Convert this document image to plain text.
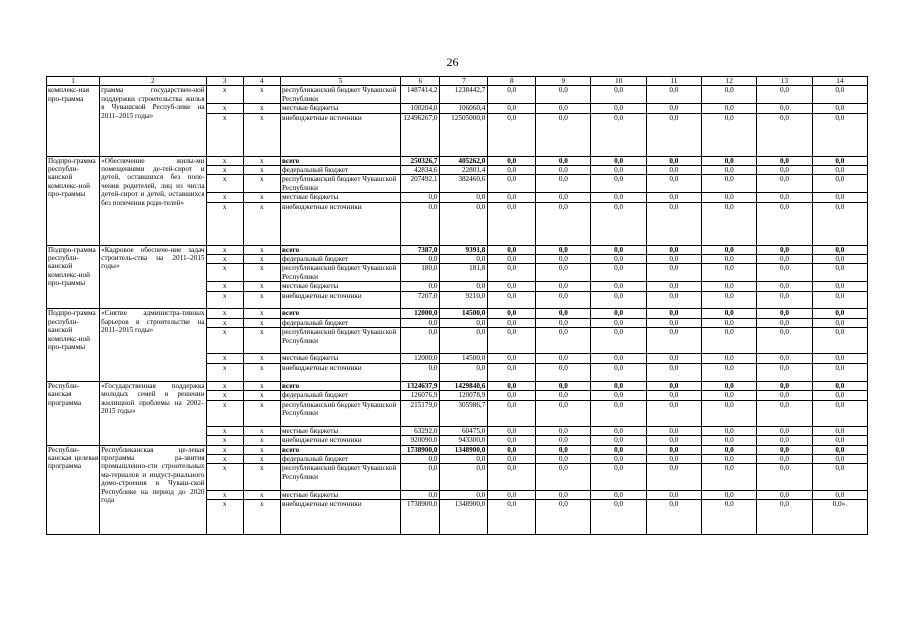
26
1	2	3	4	5	6	7	8	9	10	11	12	13	14
комплекс-ная про-грамма	грамма государствен-ной поддержки строительства жилья в Чувашской Респуб-лике на 2011–2015 годы»	x	x	республиканский бюджет Чувашской Республики	1487414,2	1238442,7	0,0	0,0	0,0	0,0	0,0	0,0	0,0
		x	x	местные бюджеты	100204,0	106060,4	0,0	0,0	0,0	0,0	0,0	0,0	0,0
		x	x	внебюджетные источники	12496267,0	12505000,0	0,0	0,0	0,0	0,0	0,0	0,0	0,0
Подпро-грамма республи-канской комплекс-ной про-граммы	«Обеспечение жилы-ми помещениями де-тей-сирот и детей, оставшихся без попе-чения родителей, лиц из числа детей-сирот и детей, оставшихся без попечения роди-телей»	x	x	всего	250326,7	405262,0	0,0	0,0	0,0	0,0	0,0	0,0	0,0
		x	x	федеральный бюджет	42834,6	22801,4	0,0	0,0	0,0	0,0	0,0	0,0	0,0
		x	x	республиканский бюджет Чувашской Республики	207492,1	382460,6	0,0	0,0	0,0	0,0	0,0	0,0	0,0
		x	x	местные бюджеты	0,0	0,0	0,0	0,0	0,0	0,0	0,0	0,0	0,0
		x	x	внебюджетные источники	0,0	0,0	0,0	0,0	0,0	0,0	0,0	0,0	0,0
Подпро-грамма республи-канской комплекс-ной про-граммы	«Кадровое обеспече-ние задач строитель-ства на 2011–2015 годы»	x	x	всего	7387,0	9391,8	0,0	0,0	0,0	0,0	0,0	0,0	0,0
		x	x	федеральный бюджет	0,0	0,0	0,0	0,0	0,0	0,0	0,0	0,0	0,0
		x	x	республиканский бюджет Чувашской Республики	180,0	181,8	0,0	0,0	0,0	0,0	0,0	0,0	0,0
		x	x	местные бюджеты	0,0	0,0	0,0	0,0	0,0	0,0	0,0	0,0	0,0
		x	x	внебюджетные источники	7207,0	9210,0	0,0	0,0	0,0	0,0	0,0	0,0	0,0
Подпро-грамма республи-канской комплекс-ной про-граммы	«Снятие администра-тивных барьеров в строительстве на 2011–2015 годы»	x	x	всего	12000,0	14500,0	0,0	0,0	0,0	0,0	0,0	0,0	0,0
		x	x	федеральный бюджет	0,0	0,0	0,0	0,0	0,0	0,0	0,0	0,0	0,0
		x	x	республиканский бюджет Чувашской Республики	0,0	0,0	0,0	0,0	0,0	0,0	0,0	0,0	0,0
		x	x	местные бюджеты	12000,0	14500,0	0,0	0,0	0,0	0,0	0,0	0,0	0,0
		x	x	внебюджетные источники	0,0	0,0	0,0	0,0	0,0	0,0	0,0	0,0	0,0
Республи-канская программа	«Государственная поддержка молодых семей в решении жилищной проблемы на 2002–2015 годы»	x	x	всего	1324637,9	1429840,6	0,0	0,0	0,0	0,0	0,0	0,0	0,0
		x	x	федеральный бюджет	126076,9	120078,9	0,0	0,0	0,0	0,0	0,0	0,0	0,0
		x	x	республиканский бюджет Чувашской Республики	215179,0	305986,7	0,0	0,0	0,0	0,0	0,0	0,0	0,0
		x	x	местные бюджеты	63292,0	60475,0	0,0	0,0	0,0	0,0	0,0	0,0	0,0
		x	x	внебюджетные источники	920090,0	943300,0	0,0	0,0	0,0	0,0	0,0	0,0	0,0
Республи-канская целевая программа	Республиканская це-левая программа ра-звития промышленно-сти строительных ма-териалов и индуст-риального домо-строения в Чуваш-ской Республике на период до 2020 года	x	x	всего	1738900,0	1348900,0	0,0	0,0	0,0	0,0	0,0	0,0	0,0
		x	x	федеральный бюджет	0,0	0,0	0,0	0,0	0,0	0,0	0,0	0,0	0,0
		x	x	республиканский бюджет Чувашской Республики	0,0	0,0	0,0	0,0	0,0	0,0	0,0	0,0	0,0
		x	x	местные бюджеты	0,0	0,0	0,0	0,0	0,0	0,0	0,0	0,0	0,0
		x	x	внебюджетные источники	1738900,0	1348900,0	0,0	0,0	0,0	0,0	0,0	0,0	0,0».
